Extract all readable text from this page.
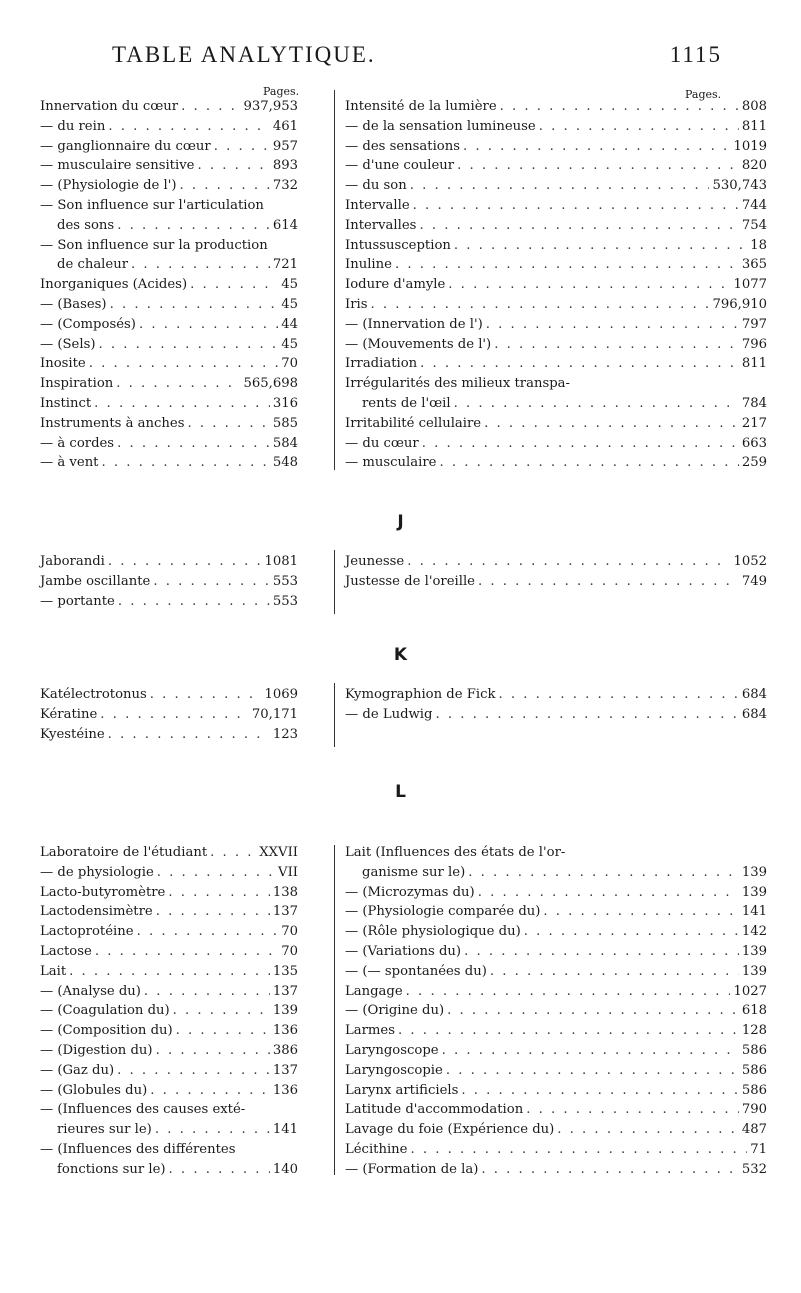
TABLE ANALYTIQUE.	1115
Pages.	Pages.
Innervation du cœur . . .	937,953
— du rein . . .	461
— ganglionnaire du cœur . . .	957
— musculaire sensitive . . .	893
— (Physiologie de l') . . .	732
— Son influence sur l'articulation
des sons . . .	614
— Son influence sur la production
de chaleur . . .	721
Inorganiques (Acides) . . .	45
— (Bases) . . .	45
— (Composés) . . .	44
— (Sels) . . .	45
Inosite . . .	70
Inspiration . . .	565,698
Instinct . . .	316
Instruments à anches . . .	585
— à cordes . . .	584
— à vent . . .	548
Intensité de la lumière . . .	808
— de la sensation lumineuse . . .	811
— des sensations . . .	1019
— d'une couleur . . .	820
— du son . . .	530,743
Intervalle . . .	744
Intervalles . . .	754
Intussusception . . .	18
Inuline . . .	365
Iodure d'amyle . . .	1077
Iris . . .	796,910
— (Innervation de l') . . .	797
— (Mouvements de l') . . .	796
Irradiation . . .	811
Irrégularités des milieux transpa-
rents de l'œil . . .	784
Irritabilité cellulaire . . .	217
— du cœur . . .	663
— musculaire . . .	259
J
Jaborandi . . .	1081
Jambe oscillante . . .	553
— portante . . .	553
Jeunesse . . .	1052
Justesse de l'oreille . . .	749
K
Katélectrotonus . . .	1069
Kératine . . .	70,171
Kyestéine . . .	123
Kymographion de Fick . . .	684
— de Ludwig . . .	684
L
Laboratoire de l'étudiant . . .	XXVII
— de physiologie . . .	VII
Lacto-butyromètre . . .	138
Lactodensimètre . . .	137
Lactoprotéine . . .	70
Lactose . . .	70
Lait . . .	135
— (Analyse du) . . .	137
— (Coagulation du) . . .	139
— (Composition du) . . .	136
— (Digestion du) . . .	386
— (Gaz du) . . .	137
— (Globules du) . . .	136
— (Influences des causes exté-
rieures sur le) . . .	141
— (Influences des différentes
fonctions sur le) . . .	140
Lait (Influences des états de l'or-
ganisme sur le) . . .	139
— (Microzymas du) . . .	139
— (Physiologie comparée du) . . .	141
— (Rôle physiologique du) . . .	142
— (Variations du) . . .	139
— (— spontanées du) . . .	139
Langage . . .	1027
— (Origine du) . . .	618
Larmes . . .	128
Laryngoscope . . .	586
Laryngoscopie . . .	586
Larynx artificiels . . .	586
Latitude d'accommodation . . .	790
Lavage du foie (Expérience du) . . .	487
Lécithine . . .	71
— (Formation de la) . . .	532
